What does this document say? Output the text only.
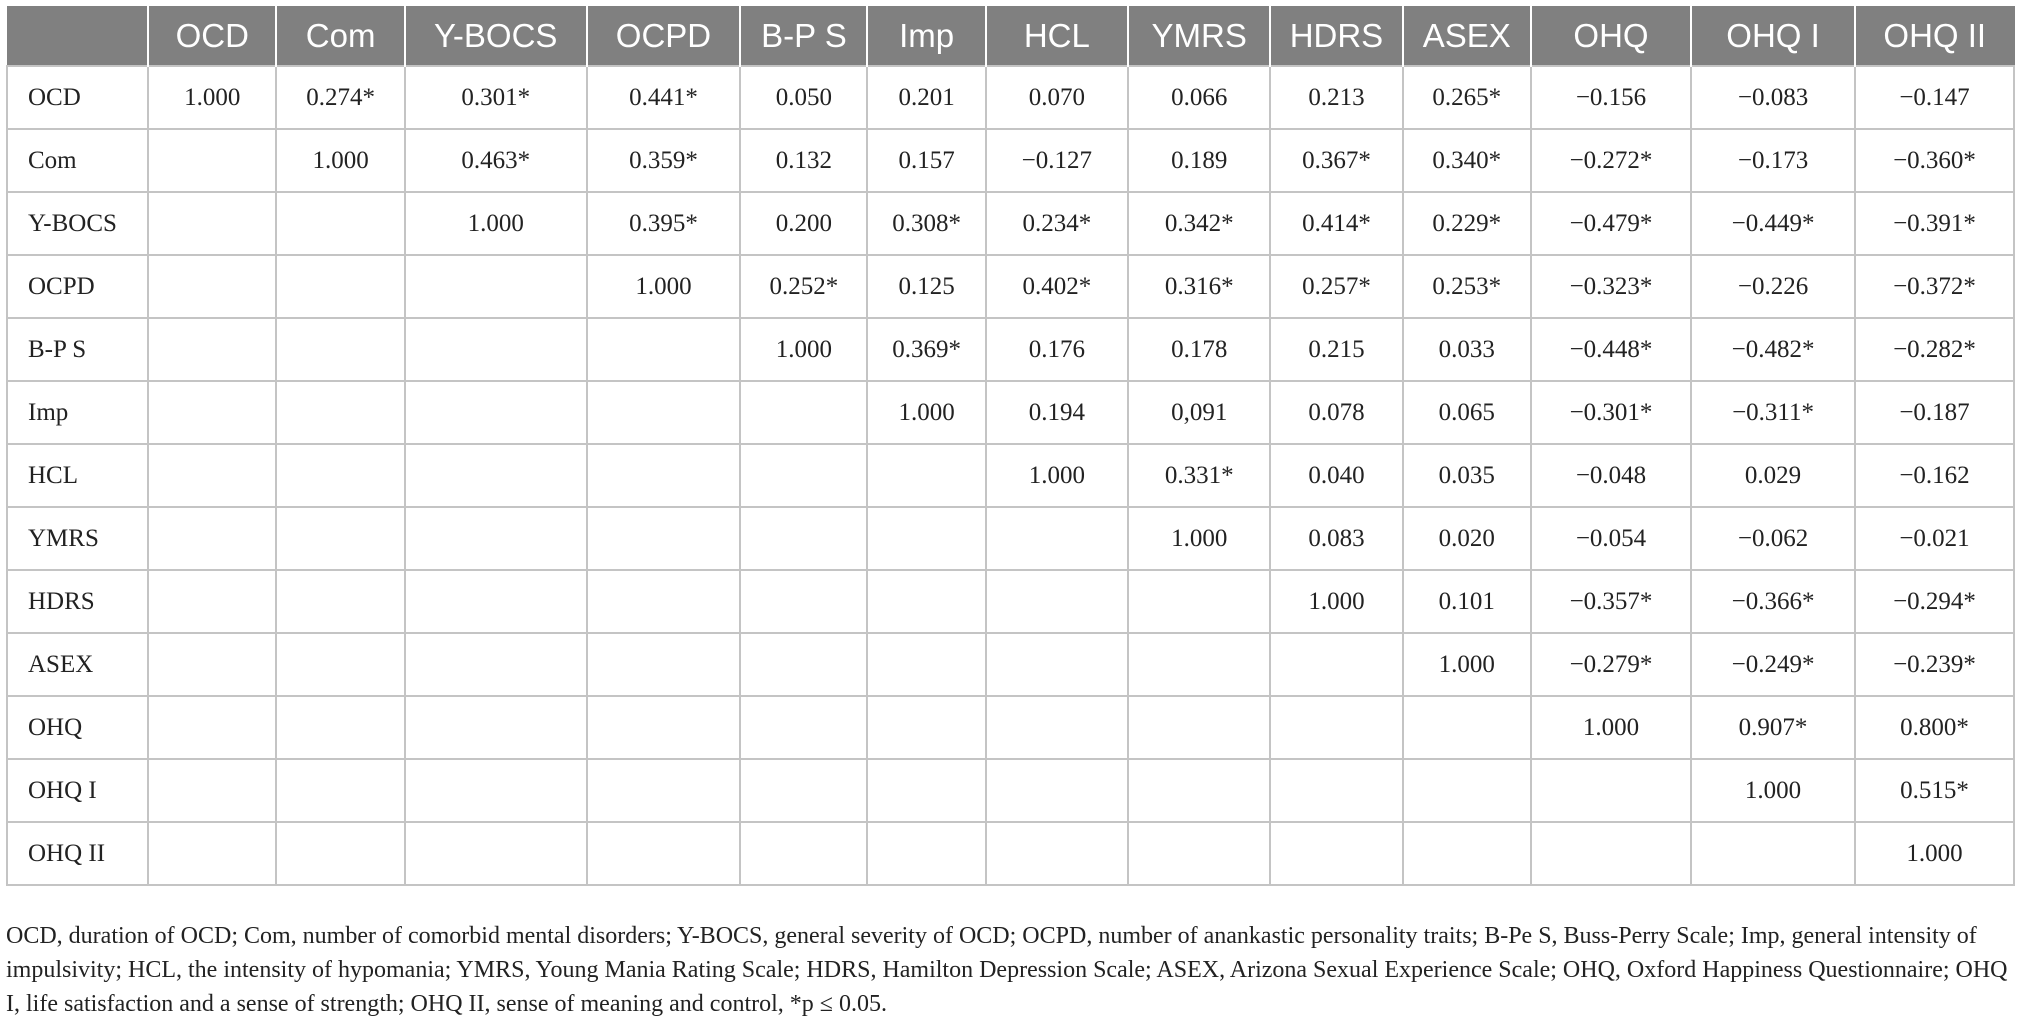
	OCD	Com	Y-BOCS	OCPD	B-P S	Imp	HCL	YMRS	HDRS	ASEX	OHQ	OHQ I	OHQ II
OCD	1.000	0.274*	0.301*	0.441*	0.050	0.201	0.070	0.066	0.213	0.265*	−0.156	−0.083	−0.147
Com		1.000	0.463*	0.359*	0.132	0.157	−0.127	0.189	0.367*	0.340*	−0.272*	−0.173	−0.360*
Y-BOCS			1.000	0.395*	0.200	0.308*	0.234*	0.342*	0.414*	0.229*	−0.479*	−0.449*	−0.391*
OCPD				1.000	0.252*	0.125	0.402*	0.316*	0.257*	0.253*	−0.323*	−0.226	−0.372*
B-P S					1.000	0.369*	0.176	0.178	0.215	0.033	−0.448*	−0.482*	−0.282*
Imp						1.000	0.194	0,091	0.078	0.065	−0.301*	−0.311*	−0.187
HCL							1.000	0.331*	0.040	0.035	−0.048	0.029	−0.162
YMRS								1.000	0.083	0.020	−0.054	−0.062	−0.021
HDRS									1.000	0.101	−0.357*	−0.366*	−0.294*
ASEX										1.000	−0.279*	−0.249*	−0.239*
OHQ											1.000	0.907*	0.800*
OHQ I												1.000	0.515*
OHQ II													1.000

OCD, duration of OCD; Com, number of comorbid mental disorders; Y-BOCS, general severity of OCD; OCPD, number of anankastic personality traits; B-Pe S, Buss-Perry Scale; Imp, general intensity of impulsivity; HCL, the intensity of hypomania; YMRS, Young Mania Rating Scale; HDRS, Hamilton Depression Scale; ASEX, Arizona Sexual Experience Scale; OHQ, Oxford Happiness Questionnaire; OHQ I, life satisfaction and a sense of strength; OHQ II, sense of meaning and control, *p ≤ 0.05.
